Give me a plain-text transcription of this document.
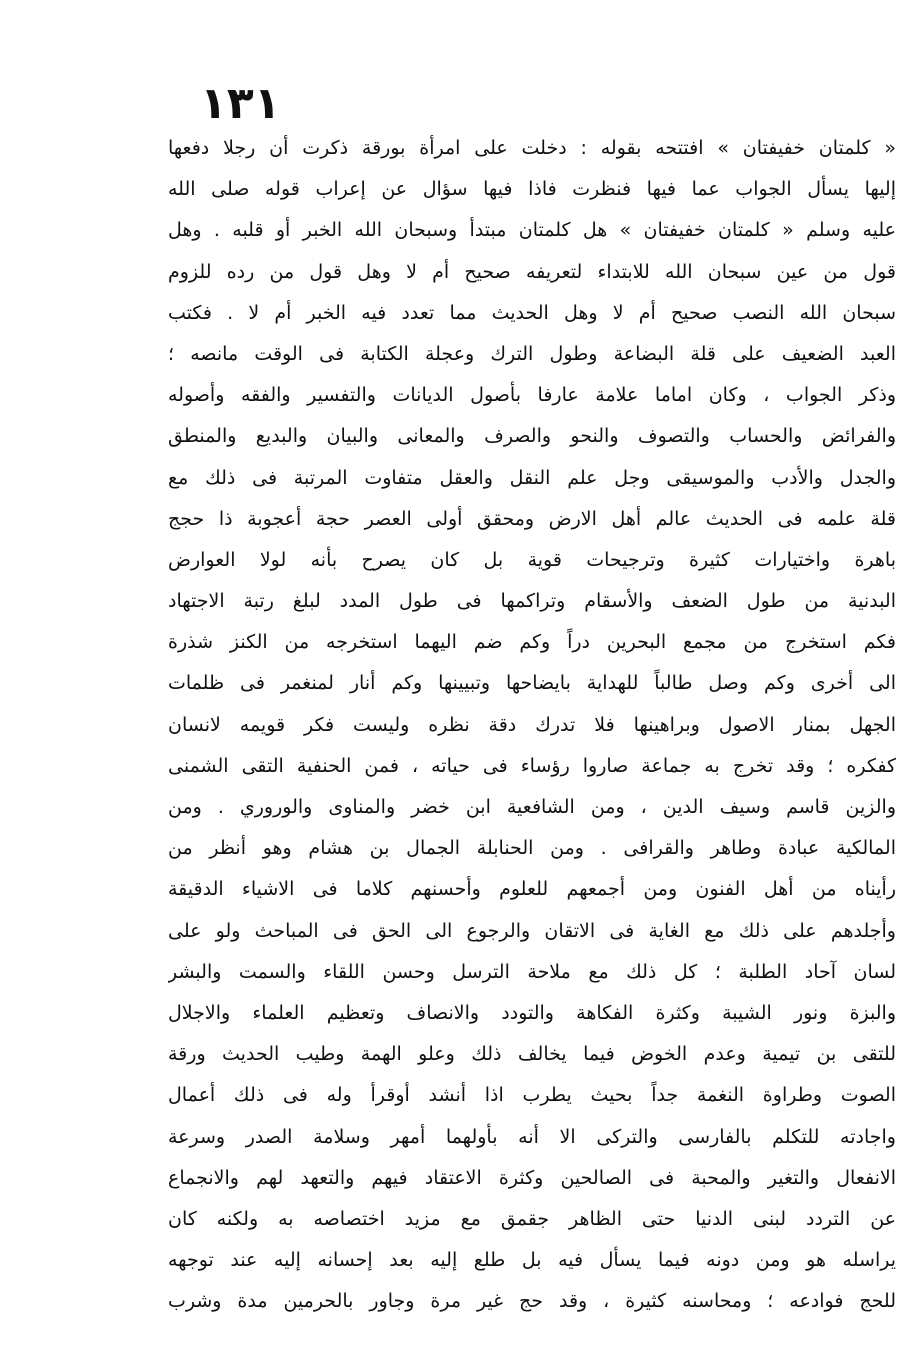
١٣١
« كلمتان خفيفتان » افتتحه بقوله : دخلت على امرأة بورقة ذكرت أن رجلا دفعها
إليها يسأل الجواب عما فيها فنظرت فاذا فيها سؤال عن إعراب قوله صلى الله
عليه وسلم « كلمتان خفيفتان » هل كلمتان مبتدأ وسبحان الله الخبر أو قلبه . وهل
قول من عين سبحان الله للابتداء لتعريفه صحيح أم لا وهل قول من رده للزوم
سبحان الله النصب صحيح أم لا وهل الحديث مما تعدد فيه الخبر أم لا . فكتب
العبد الضعيف على قلة البضاعة وطول الترك وعجلة الكتابة فى الوقت مانصه ؛
وذكر الجواب ، وكان اماما علامة عارفا بأصول الديانات والتفسير والفقه وأصوله
والفرائض والحساب والتصوف والنحو والصرف والمعانى والبيان والبديع والمنطق
والجدل والأدب والموسيقى وجل علم النقل والعقل متفاوت المرتبة فى ذلك مع
قلة علمه فى الحديث عالم أهل الارض ومحقق أولى العصر حجة أعجوبة ذا حجج
باهرة واختيارات كثيرة وترجيحات قوية بل كان يصرح بأنه لولا العوارض
البدنية من طول الضعف والأسقام وتراكمها فى طول المدد لبلغ رتبة الاجتهاد
فكم استخرج من مجمع البحرين دراً وكم ضم اليهما استخرجه من الكنز شذرة
الى أخرى وكم وصل طالباً للهداية بايضاحها وتبيينها وكم أنار لمنغمر فى ظلمات
الجهل بمنار الاصول وبراهينها فلا تدرك دقة نظره وليست فكر قويمه لانسان
كفكره ؛ وقد تخرج به جماعة صاروا رؤساء فى حياته ، فمن الحنفية التقى الشمنى
والزين قاسم وسيف الدين ، ومن الشافعية ابن خضر والمناوى والوروري . ومن
المالكية عبادة وطاهر والقرافى . ومن الحنابلة الجمال بن هشام وهو أنظر من
رأيناه من أهل الفنون ومن أجمعهم للعلوم وأحسنهم كلاما فى الاشياء الدقيقة
وأجلدهم على ذلك مع الغاية فى الاتقان والرجوع الى الحق فى المباحث ولو على
لسان آحاد الطلبة ؛ كل ذلك مع ملاحة الترسل وحسن اللقاء والسمت والبشر
والبزة ونور الشيبة وكثرة الفكاهة والتودد والانصاف وتعظيم العلماء والاجلال
للتقى بن تيمية وعدم الخوض فيما يخالف ذلك وعلو الهمة وطيب الحديث ورقة
الصوت وطراوة النغمة جداً بحيث يطرب اذا أنشد أوقرأ وله فى ذلك أعمال
واجادته للتكلم بالفارسى والتركى الا أنه بأولهما أمهر وسلامة الصدر وسرعة
الانفعال والتغير والمحبة فى الصالحين وكثرة الاعتقاد فيهم والتعهد لهم والانجماع
عن التردد لبنى الدنيا حتى الظاهر جقمق مع مزيد اختصاصه به ولكنه كان
يراسله هو ومن دونه فيما يسأل فيه بل طلع إليه بعد إحسانه إليه عند توجهه
للحج فوادعه ؛ ومحاسنه كثيرة ، وقد حج غير مرة وجاور بالحرمين مدة وشرب
